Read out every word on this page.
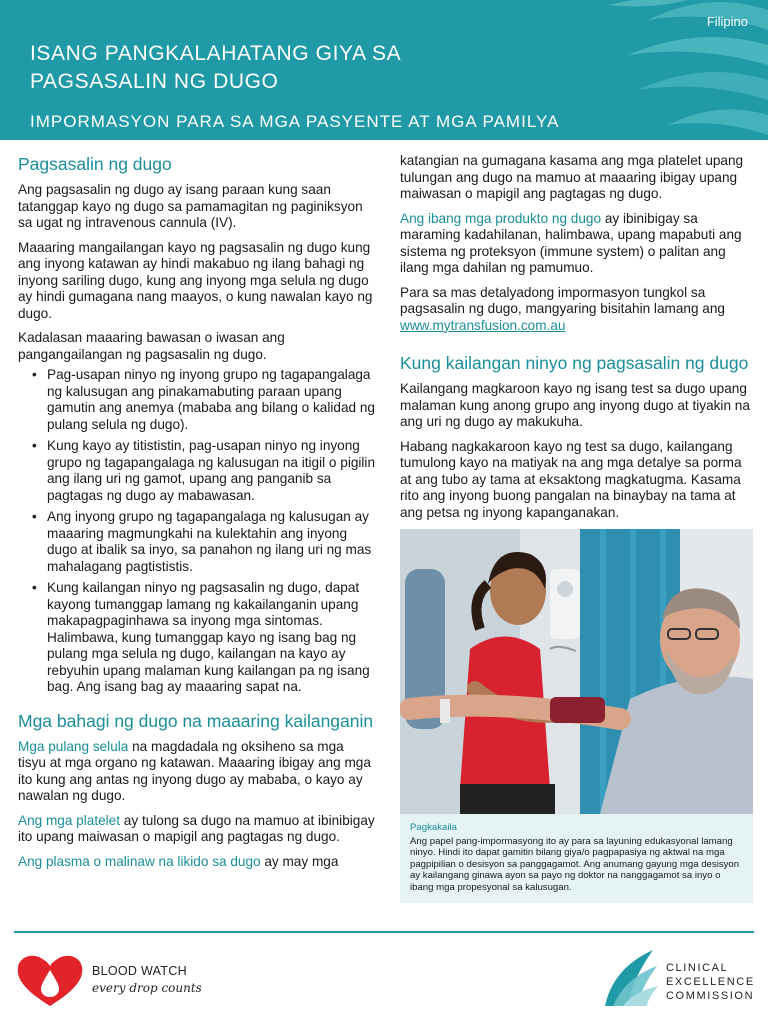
Filipino
ISANG PANGKALAHATANG GIYA SA
PAGSASALIN NG DUGO
IMPORMASYON PARA SA MGA PASYENTE AT MGA PAMILYA
Pagsasalin ng dugo

Ang pagsasalin ng dugo ay isang paraan kung saan tatanggap kayo ng dugo sa pamamagitan ng paginiksyon sa ugat ng intravenous cannula (IV).

Maaaring mangailangan kayo ng pagsasalin ng dugo kung ang inyong katawan ay hindi makabuo ng ilang bahagi ng inyong sariling dugo, kung ang inyong mga selula ng dugo ay hindi gumagana nang maayos, o kung nawalan kayo ng dugo.

Kadalasan maaaring bawasan o iwasan ang pangangailangan ng pagsasalin ng dugo.

• Pag-usapan ninyo ng inyong grupo ng tagapangalaga ng kalusugan ang pinakamabuting paraan upang gamutin ang anemya (mababa ang bilang o kalidad ng pulang selula ng dugo).
• Kung kayo ay titististin, pag-usapan ninyo ng inyong grupo ng tagapangalaga ng kalusugan na itigil o pigilin ang ilang uri ng gamot, upang ang panganib sa pagtagas ng dugo ay mabawasan.
• Ang inyong grupo ng tagapangalaga ng kalusugan ay maaaring magmungkahi na kulektahin ang inyong dugo at ibalik sa inyo, sa panahon ng ilang uri ng mas mahalagang pagtististis.
• Kung kailangan ninyo ng pagsasalin ng dugo, dapat kayong tumanggap lamang ng kakailanganin upang makapagpaginhawa sa inyong mga sintomas. Halimbawa, kung tumanggap kayo ng isang bag ng pulang mga selula ng dugo, kailangan na kayo ay rebyuhin upang malaman kung kailangan pa ng isang bag. Ang isang bag ay maaaring sapat na.
Mga bahagi ng dugo na maaaring kailanganin

Mga pulang selula na magdadala ng oksiheno sa mga tisyu at mga organo ng katawan. Maaaring ibigay ang mga ito kung ang antas ng inyong dugo ay mababa, o kayo ay nawalan ng dugo.

Ang mga platelet ay tulong sa dugo na mamuo at ibinibigay ito upang maiwasan o mapigil ang pagtagas ng dugo.

Ang plasma o malinaw na likido sa dugo ay may mga

katangian na gumagana kasama ang mga platelet upang tulungan ang dugo na mamuo at maaaring ibigay upang maiwasan o mapigil ang pagtagas ng dugo.

Ang ibang mga produkto ng dugo ay ibinibigay sa maraming kadahilanan, halimbawa, upang mapabuti ang sistema ng proteksyon (immune system) o palitan ang ilang mga dahilan ng pamumuo.

Para sa mas detalyadong impormasyon tungkol sa pagsasalin ng dugo, mangyaring bisitahin lamang ang www.mytransfusion.com.au

Kung kailangan ninyo ng pagsasalin ng dugo

Kailangang magkaroon kayo ng isang test sa dugo upang malaman kung anong grupo ang inyong dugo at tiyakin na ang uri ng dugo ay makukuha.

Habang nagkakaroon kayo ng test sa dugo, kailangang tumulong kayo na matiyak na ang mga detalye sa porma at ang tubo ay tama at eksaktong magkatugma. Kasama rito ang inyong buong pangalan na binaybay na tama at ang petsa ng inyong kapanganakan.

Pagkakaila
Ang papel pang-impormasyong ito ay para sa layuning edukasyonal lamang ninyo. Hindi ito dapat gamitin bilang giya/o pagpapasiya ng aktwal na mga pagpipilian o desisyon sa panggagamot. Ang anumang gayung mga desisyon ay kailangang ginawa ayon sa payo ng doktor na nanggagamot sa inyo o ibang mga propesyonal sa kalusugan.
BLOOD WATCH
every drop counts
CLINICAL
EXCELLENCE
COMMISSION
